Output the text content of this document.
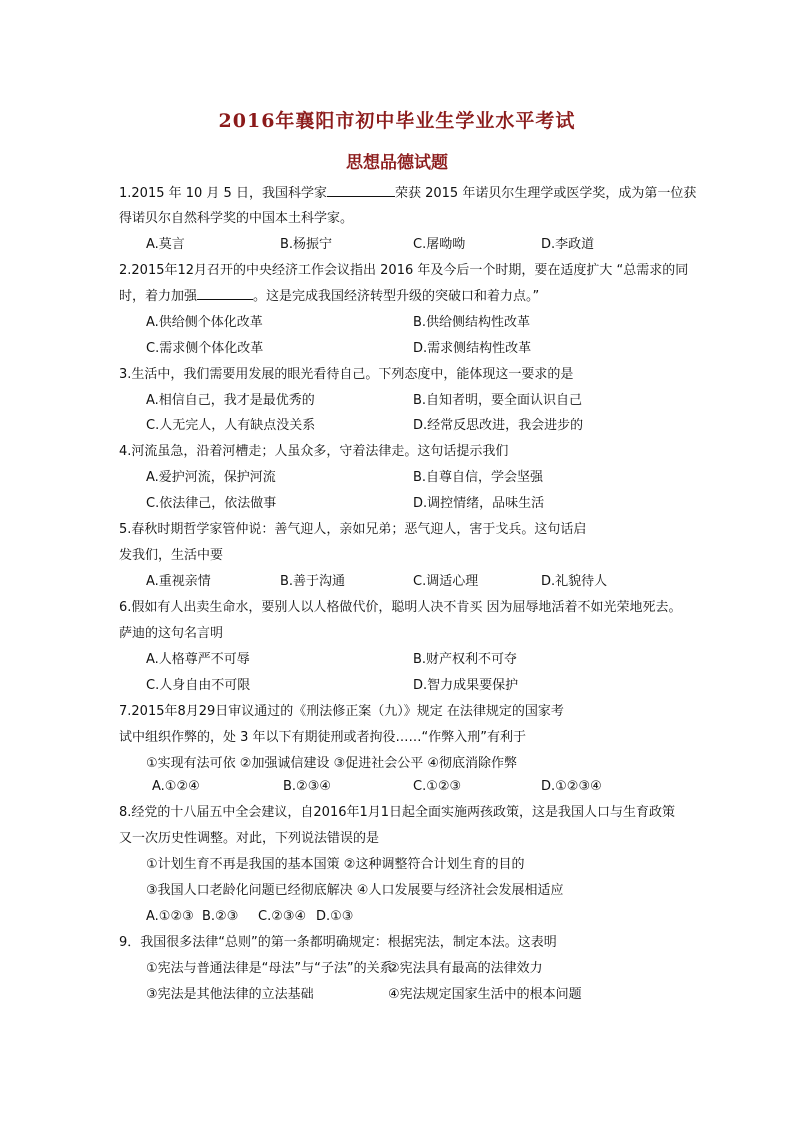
2016年襄阳市初中毕业生学业水平考试
思想品德试题
1.2015 年 10 月 5 日，我国科学家	荣获 2015 年诺贝尔生理学或医学奖，成为第一位获
得诺贝尔自然科学奖的中国本土科学家。
A.莫言	B.杨振宁	C.屠呦呦	D.李政道
2.2015年12月召开的中央经济工作会议指出 2016 年及今后一个时期，要在适度扩大 “总需求的同
时，着力加强	。这是完成我国经济转型升级的突破口和着力点。”
A.供给侧个体化改革	B.供给侧结构性改革
C.需求侧个体化改革	D.需求侧结构性改革
3.生活中，我们需要用发展的眼光看待自己。下列态度中，能体现这一要求的是
A.相信自己，我才是最优秀的	B.自知者明，要全面认识自己
C.人无完人，人有缺点没关系	D.经常反思改进，我会进步的
4.河流虽急，沿着河槽走；人虽众多，守着法律走。这句话提示我们
A.爱护河流，保护河流	B.自尊自信，学会坚强
C.依法律己，依法做事	D.调控情绪，品味生活
5.春秋时期哲学家管仲说：善气迎人，亲如兄弟；恶气迎人，害于戈兵。这句话启
发我们，生活中要
A.重视亲情	B.善于沟通	C.调适心理	D.礼貌待人
6.假如有人出卖生命水，要别人以人格做代价，聪明人决不肯买 因为屈辱地活着不如光荣地死去。
萨迪的这句名言明
A.人格尊严不可辱	B.财产权利不可夺
C.人身自由不可限	D.智力成果要保护
7.2015年8月29日审议通过的《刑法修正案（九）》规定 在法律规定的国家考
试中组织作弊的，处 3 年以下有期徒刑或者拘役……“作弊入刑”有利于
①实现有法可依 ②加强诚信建设 ③促进社会公平 ④彻底消除作弊
A.①②④	B.②③④	C.①②③	D.①②③④
8.经党的十八届五中全会建议，自2016年1月1日起全面实施两孩政策，这是我国人口与生育政策
又一次历史性调整。对此，下列说法错误的是
①计划生育不再是我国的基本国策 ②这种调整符合计划生育的目的
③我国人口老龄化问题已经彻底解决 ④人口发展要与经济社会发展相适应
A.①②③ B.②③ C.②③④ D.①③
9．我国很多法律“总则”的第一条都明确规定：根据宪法，制定本法。这表明
①宪法与普通法律是“母法”与“子法”的关系
②宪法具有最高的法律效力
③宪法是其他法律的立法基础	④宪法规定国家生活中的根本问题
